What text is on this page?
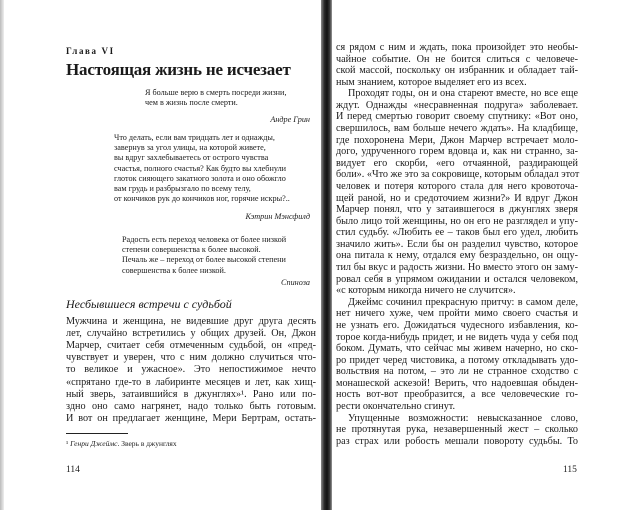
Глава VI
Настоящая жизнь не исчезает
Я больше верю в смерть посреди жизни,
чем в жизнь после смерти.
Андре Грин
Что делать, если вам тридцать лет и однажды,
завернув за угол улицы, на которой живете,
вы вдруг захлебываетесь от острого чувства
счастья, полного счастья? Как будто вы хлебнули
глоток сияющего закатного золота и оно обожгло
вам грудь и разбрызгало по всему телу,
от кончиков рук до кончиков ног, горячие искры?..
Кэтрин Мэнсфилд
Радость есть переход человека от более низкой
степени совершенства к более высокой.
Печаль же – переход от более высокой степени
совершенства к более низкой.
Спиноза
Несбывшиеся встречи с судьбой
Мужчина и женщина, не видевшие друг друга десять
лет, случайно встретились у общих друзей. Он, Джон
Марчер, считает себя отмеченным судьбой, он «пред-
чувствует и уверен, что с ним должно случиться что-
то великое и ужасное». Это непостижимое нечто
«спрятано где-то в лабиринте месяцев и лет, как хищ-
ный зверь, затаившийся в джунглях»¹. Рано или по-
здно оно само нагрянет, надо только быть готовым.
И вот он предлагает женщине, Мери Бертрам, остать-
¹ Генри Джеймс. Зверь в джунглях
114
ся рядом с ним и ждать, пока произойдет это необы-
чайное событие. Он не боится слиться с человече-
ской массой, поскольку он избранник и обладает тай-
ным знанием, которое выделяет его из всех.
Проходят годы, он и она стареют вместе, но все еще
ждут. Однажды «несравненная подруга» заболевает.
И перед смертью говорит своему спутнику: «Вот оно,
свершилось, вам больше нечего ждать». На кладбище,
где похоронена Мери, Джон Марчер встречает моло-
дого, удрученного горем вдовца и, как ни странно, за-
видует его скорби, «его отчаянной, раздирающей
боли». «Что же это за сокровище, которым обладал этот
человек и потеря которого стала для него кровоточа-
щей раной, но и средоточием жизни?» И вдруг Джон
Марчер понял, что у затаившегося в джунглях зверя
было лицо той женщины, но он его не разглядел и упу-
стил судьбу. «Любить ее – таков был его удел, любить
значило жить». Если бы он разделил чувство, которое
она питала к нему, отдался ему безраздельно, он ощу-
тил бы вкус и радость жизни. Но вместо этого он заму-
ровал себя в упрямом ожидании и остался человеком,
«с которым никогда ничего не случится».
Джеймс сочинил прекрасную притчу: в самом деле,
нет ничего хуже, чем пройти мимо своего счастья и
не узнать его. Дожидаться чудесного избавления, ко-
торое когда-нибудь придет, и не видеть чуда у себя под
боком. Думать, что сейчас мы живем начерно, но ско-
ро придет черед чистовика, а потому откладывать удо-
вольствия на потом, – это ли не странное сходство с
монашеской аскезой! Верить, что надоевшая обыден-
ность вот-вот преобразится, а все человеческие го-
рести окончательно сгинут.
Упущенные возможности: невысказанное слово,
не протянутая рука, незавершенный жест – сколько
раз страх или робость мешали повороту судьбы. То
115
